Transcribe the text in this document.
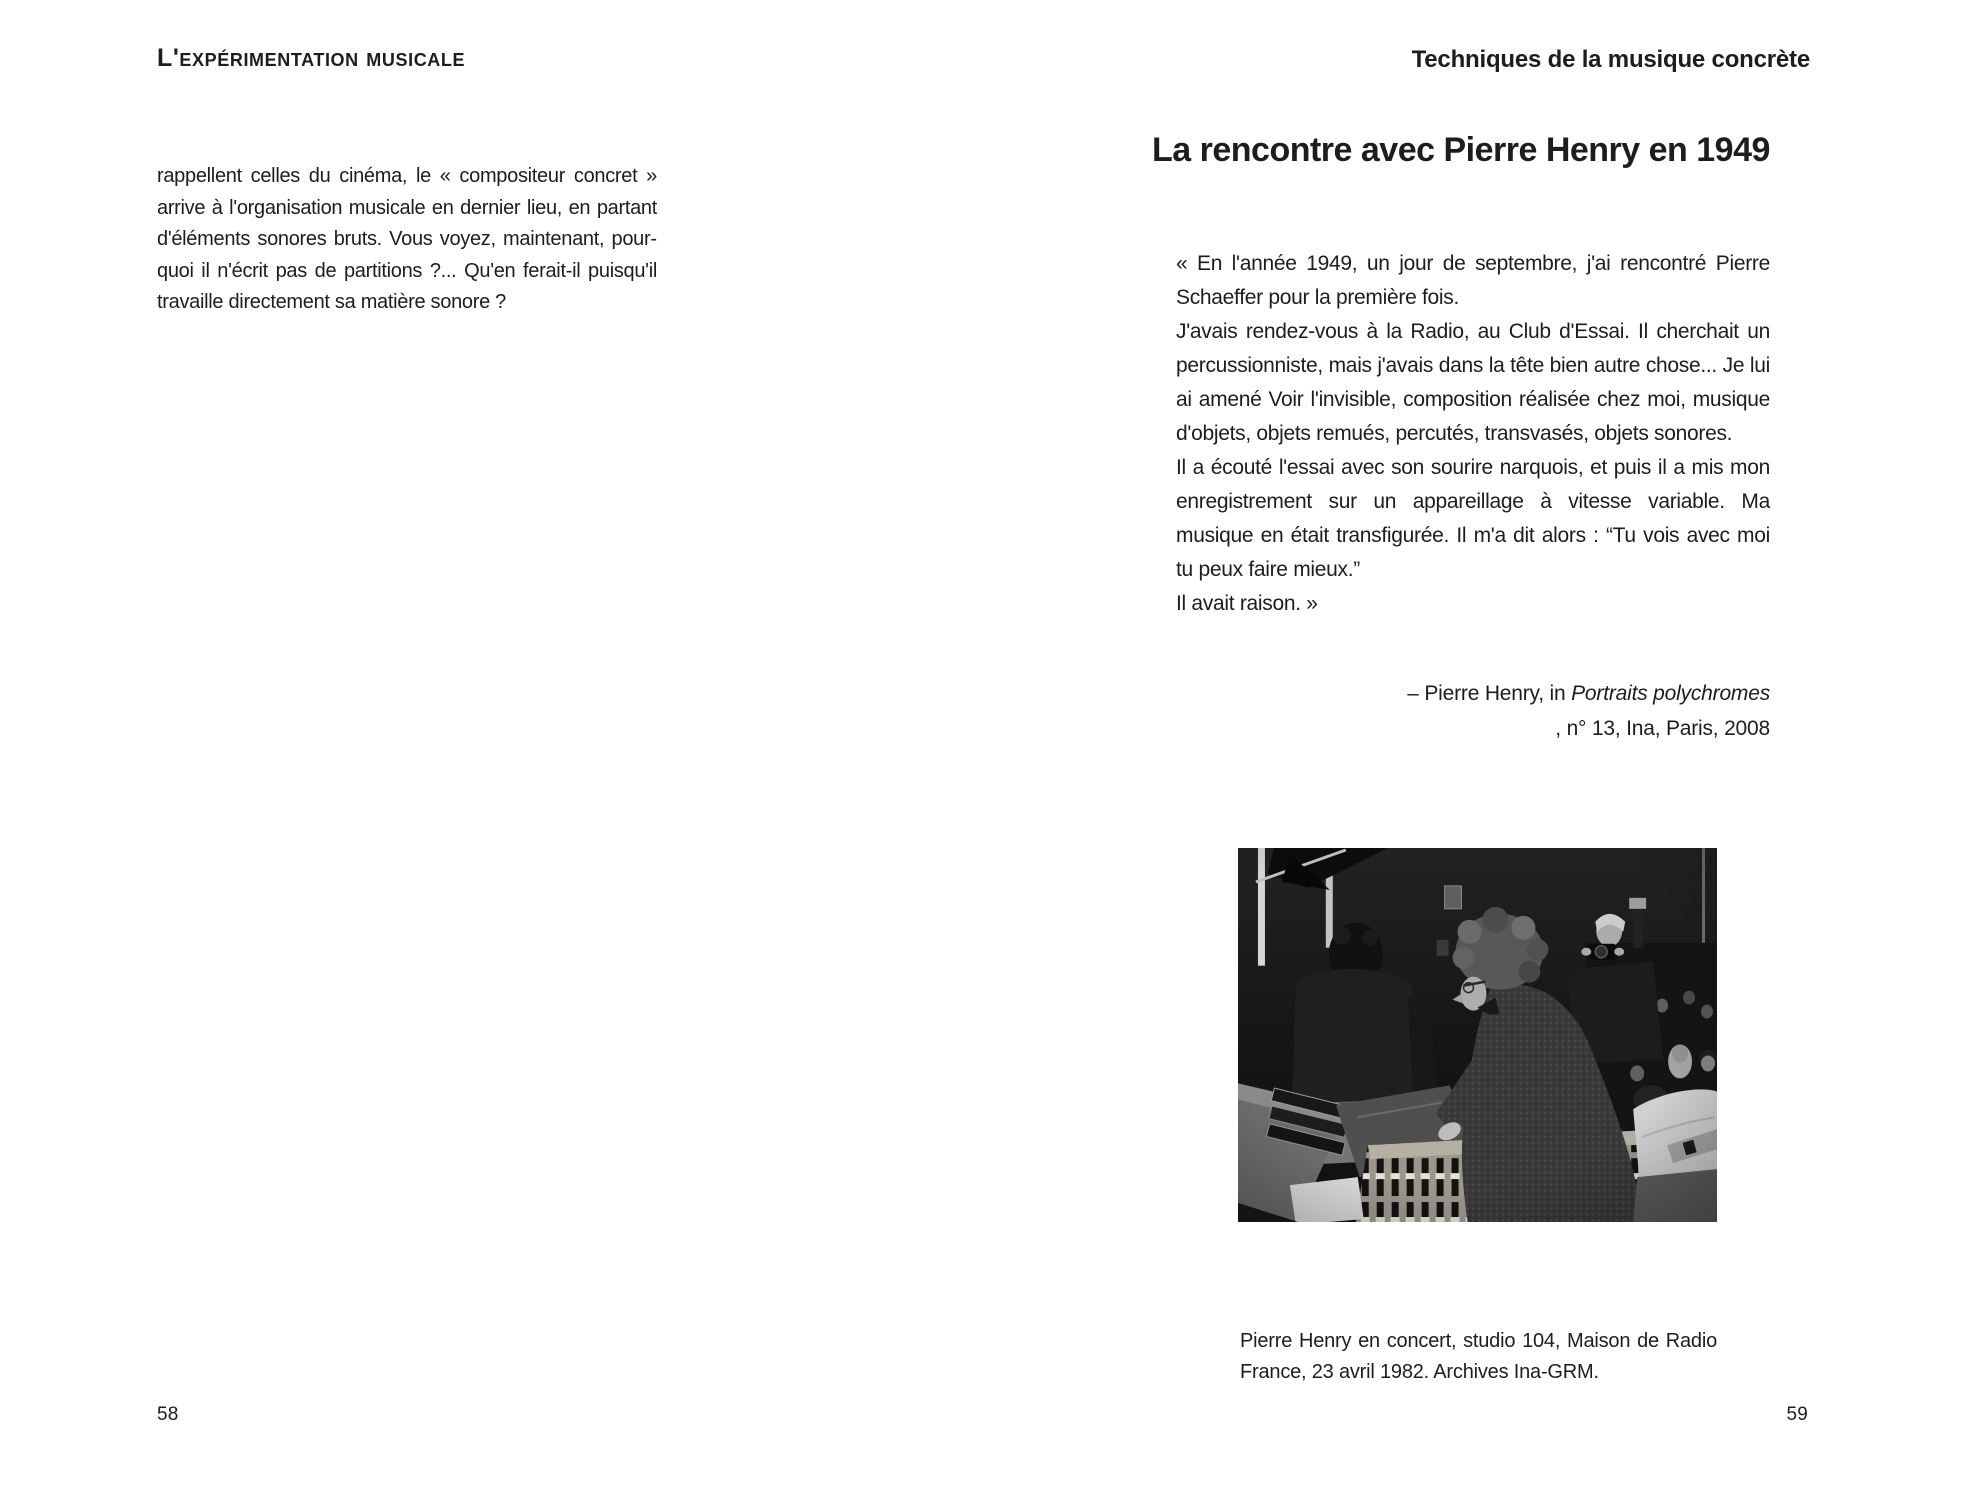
L'expérimentation musicale

rappellent celles du cinéma, le « compositeur concret » arrive à l'organisation musicale en dernier lieu, en partant d'éléments sonores bruts. Vous voyez, maintenant, pourquoi il n'écrit pas de partitions ?... Qu'en ferait-il puisqu'il travaille directement sa matière sonore ?

58
Techniques de la musique concrète
La rencontre avec Pierre Henry en 1949

« En l'année 1949, un jour de septembre, j'ai rencontré Pierre Schaeffer pour la première fois.

J'avais rendez-vous à la Radio, au Club d'Essai. Il cherchait un percussionniste, mais j'avais dans la tête bien autre chose... Je lui ai amené Voir l'invisible, composition réalisée chez moi, musique d'objets, objets remués, percutés, transvasés, objets sonores.

Il a écouté l'essai avec son sourire narquois, et puis il a mis mon enregistrement sur un appareillage à vitesse variable. Ma musique en était transfigurée. Il m'a dit alors : “Tu vois avec moi tu peux faire mieux.”

Il avait raison. »

– Pierre Henry, in Portraits polychromes
, n° 13, Ina, Paris, 2008

Pierre Henry en concert, studio 104, Maison de Radio France, 23 avril 1982. Archives Ina-GRM.

59
